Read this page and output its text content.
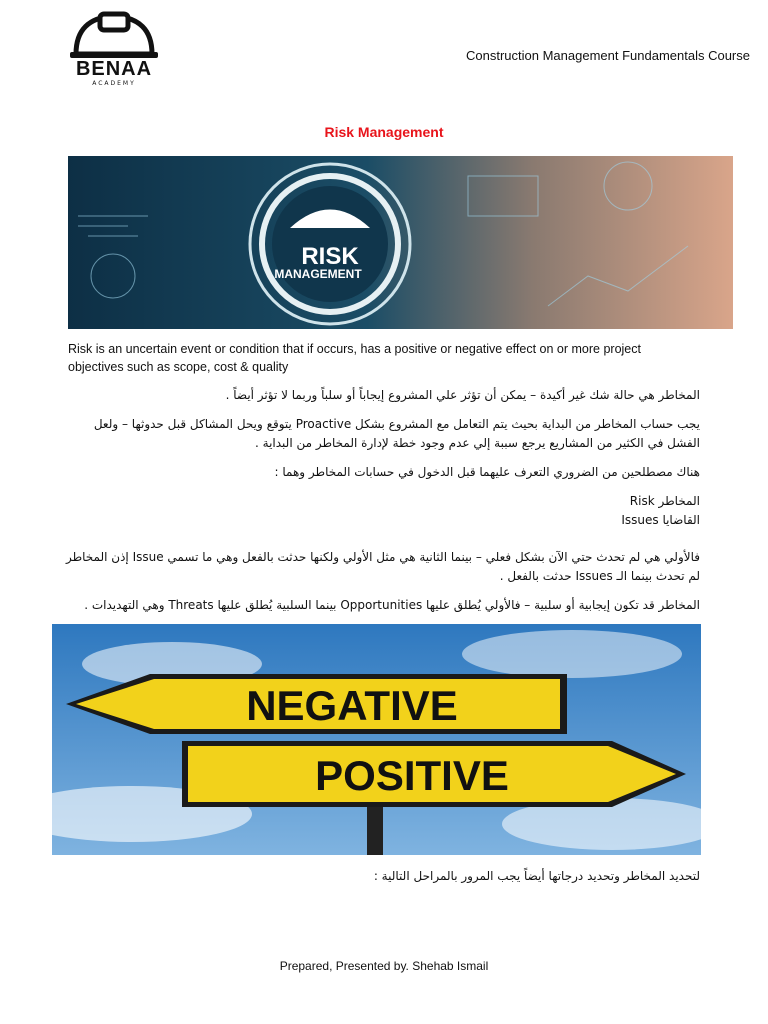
BENAA
ACADEMY
Construction Management Fundamentals Course
Risk Management
RISK
MANAGEMENT
Risk is an uncertain event or condition that if occurs, has a positive or negative effect on or more project objectives such as scope, cost & quality
المخاطر هي حالة شك غير أكيدة – يمكن أن تؤثر علي المشروع إيجاباً أو سلباً وربما لا تؤثر أيضاً .
يجب حساب المخاطر من البداية بحيث يتم التعامل مع المشروع بشكل Proactive يتوقع ويحل المشاكل قبل حدوثها – ولعل الفشل في الكثير من المشاريع يرجع سببة إلي عدم وجود خطة لإدارة المخاطر من البداية .
هناك مصطلحين من الضروري التعرف عليهما قبل الدخول في حسابات المخاطر وهما :
المخاطر Risk
القاضايا Issues
فالأولي هي لم تحدث حتي الآن بشكل فعلي – بينما الثانية هي مثل الأولي ولكنها حدثت بالفعل وهي ما تسمي Issue إذن المخاطر لم تحدث بينما الـ Issues حدثت بالفعل .
المخاطر قد تكون إيجابية أو سلبية – فالأولي يُطلق عليها Opportunities بينما السلبية يُطلق عليها Threats وهي التهديدات .
NEGATIVE
POSITIVE
لتحديد المخاطر وتحديد درجاتها أيضاً يجب المرور بالمراحل التالية :
Prepared, Presented by. Shehab Ismail
